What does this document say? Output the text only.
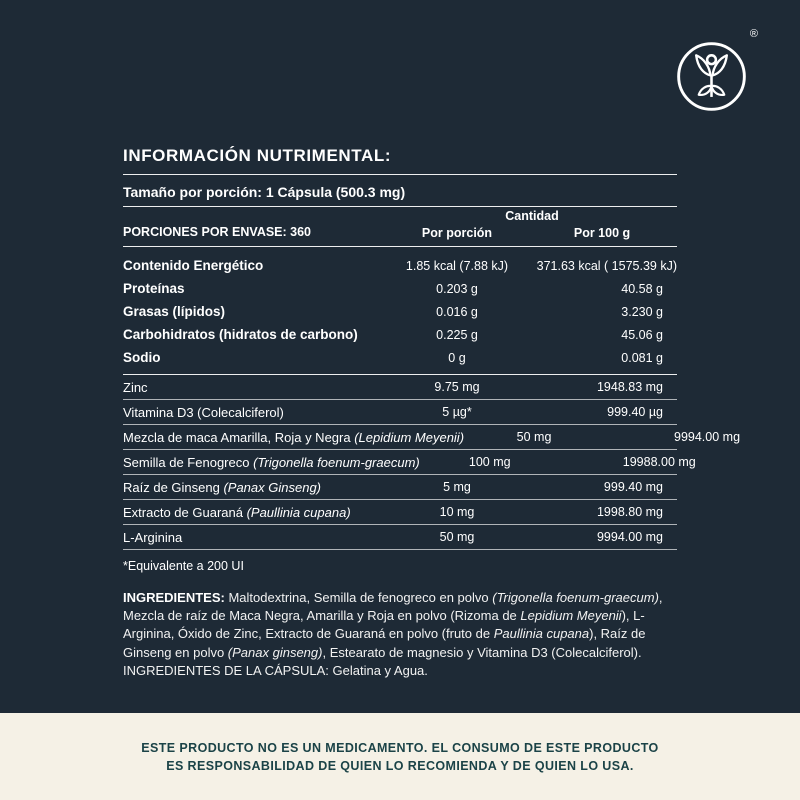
®
INFORMACIÓN NUTRIMENTAL:
Tamaño por porción: 1 Cápsula (500.3 mg)
PORCIONES POR ENVASE: 360
Cantidad
Por porción	Por 100 g
Contenido Energético	1.85 kcal (7.88 kJ)	371.63 kcal ( 1575.39 kJ)
Proteínas	0.203 g	40.58 g
Grasas (lípidos)	0.016 g	3.230 g
Carbohidratos (hidratos de carbono)	0.225 g	45.06 g
Sodio	0 g	0.081 g
Zinc	9.75 mg	1948.83 mg
Vitamina D3 (Colecalciferol)	5 µg*	999.40 µg
Mezcla de maca Amarilla, Roja y Negra (Lepidium Meyenii)	50 mg	9994.00 mg
Semilla de Fenogreco (Trigonella foenum-graecum)	100 mg	19988.00 mg
Raíz de Ginseng (Panax Ginseng)	5 mg	999.40 mg
Extracto de Guaraná (Paullinia cupana)	10 mg	1998.80 mg
L-Arginina	50 mg	9994.00 mg
*Equivalente a 200 UI

INGREDIENTES: Maltodextrina, Semilla de fenogreco en polvo (Trigonella foenum-graecum), Mezcla de raíz de Maca Negra, Amarilla y Roja en polvo (Rizoma de Lepidium Meyenii), L-Arginina, Óxido de Zinc, Extracto de Guaraná en polvo (fruto de Paullinia cupana), Raíz de Ginseng en polvo (Panax ginseng), Estearato de magnesio y Vitamina D3 (Colecalciferol). INGREDIENTES DE LA CÁPSULA: Gelatina y Agua.

ESTE PRODUCTO NO ES UN MEDICAMENTO. EL CONSUMO DE ESTE PRODUCTO

ES RESPONSABILIDAD DE QUIEN LO RECOMIENDA Y DE QUIEN LO USA.
